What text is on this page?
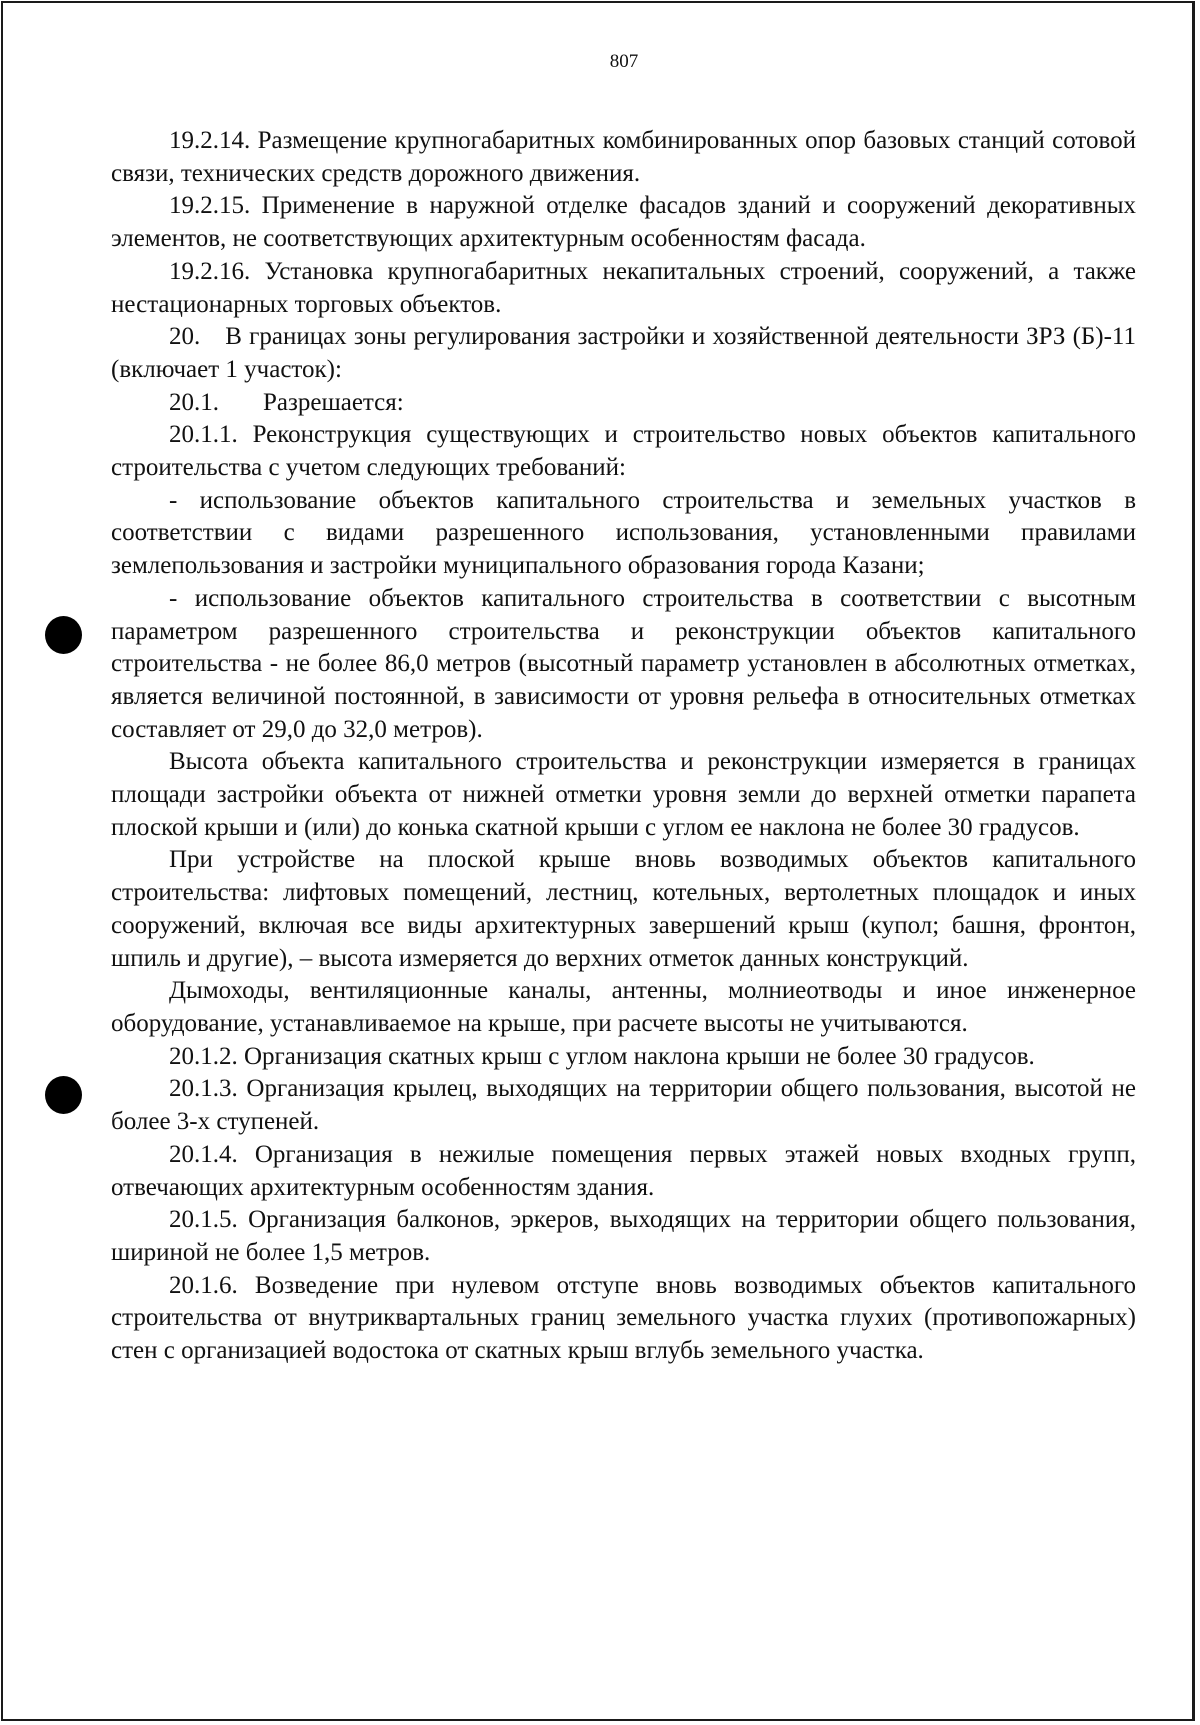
807

19.2.14. Размещение крупногабаритных комбинированных опор базовых станций сотовой связи, технических средств дорожного движения.

19.2.15. Применение в наружной отделке фасадов зданий и сооружений декоративных элементов, не соответствующих архитектурным особенностям фасада.

19.2.16. Установка крупногабаритных некапитальных строений, сооружений, а также нестационарных торговых объектов.

20. В границах зоны регулирования застройки и хозяйственной деятельности ЗРЗ (Б)-11 (включает 1 участок):

20.1. Разрешается:

20.1.1. Реконструкция существующих и строительство новых объектов капитального строительства с учетом следующих требований:

- использование объектов капитального строительства и земельных участков в соответствии с видами разрешенного использования, установленными правилами землепользования и застройки муниципального образования города Казани;

- использование объектов капитального строительства в соответствии с высотным параметром разрешенного строительства и реконструкции объектов капитального строительства - не более 86,0 метров (высотный параметр установлен в абсолютных отметках, является величиной постоянной, в зависимости от уровня рельефа в относительных отметках составляет от 29,0 до 32,0 метров).

Высота объекта капитального строительства и реконструкции измеряется в границах площади застройки объекта от нижней отметки уровня земли до верхней отметки парапета плоской крыши и (или) до конька скатной крыши с углом ее наклона не более 30 градусов.

При устройстве на плоской крыше вновь возводимых объектов капитального строительства: лифтовых помещений, лестниц, котельных, вертолетных площадок и иных сооружений, включая все виды архитектурных завершений крыш (купол; башня, фронтон, шпиль и другие), – высота измеряется до верхних отметок данных конструкций.

Дымоходы, вентиляционные каналы, антенны, молниеотводы и иное инженерное оборудование, устанавливаемое на крыше, при расчете высоты не учитываются.

20.1.2. Организация скатных крыш с углом наклона крыши не более 30 градусов.

20.1.3. Организация крылец, выходящих на территории общего пользования, высотой не более 3-х ступеней.

20.1.4. Организация в нежилые помещения первых этажей новых входных групп, отвечающих архитектурным особенностям здания.

20.1.5. Организация балконов, эркеров, выходящих на территории общего пользования, шириной не более 1,5 метров.

20.1.6. Возведение при нулевом отступе вновь возводимых объектов капитального строительства от внутриквартальных границ земельного участка глухих (противопожарных) стен с организацией водостока от скатных крыш вглубь земельного участка.
